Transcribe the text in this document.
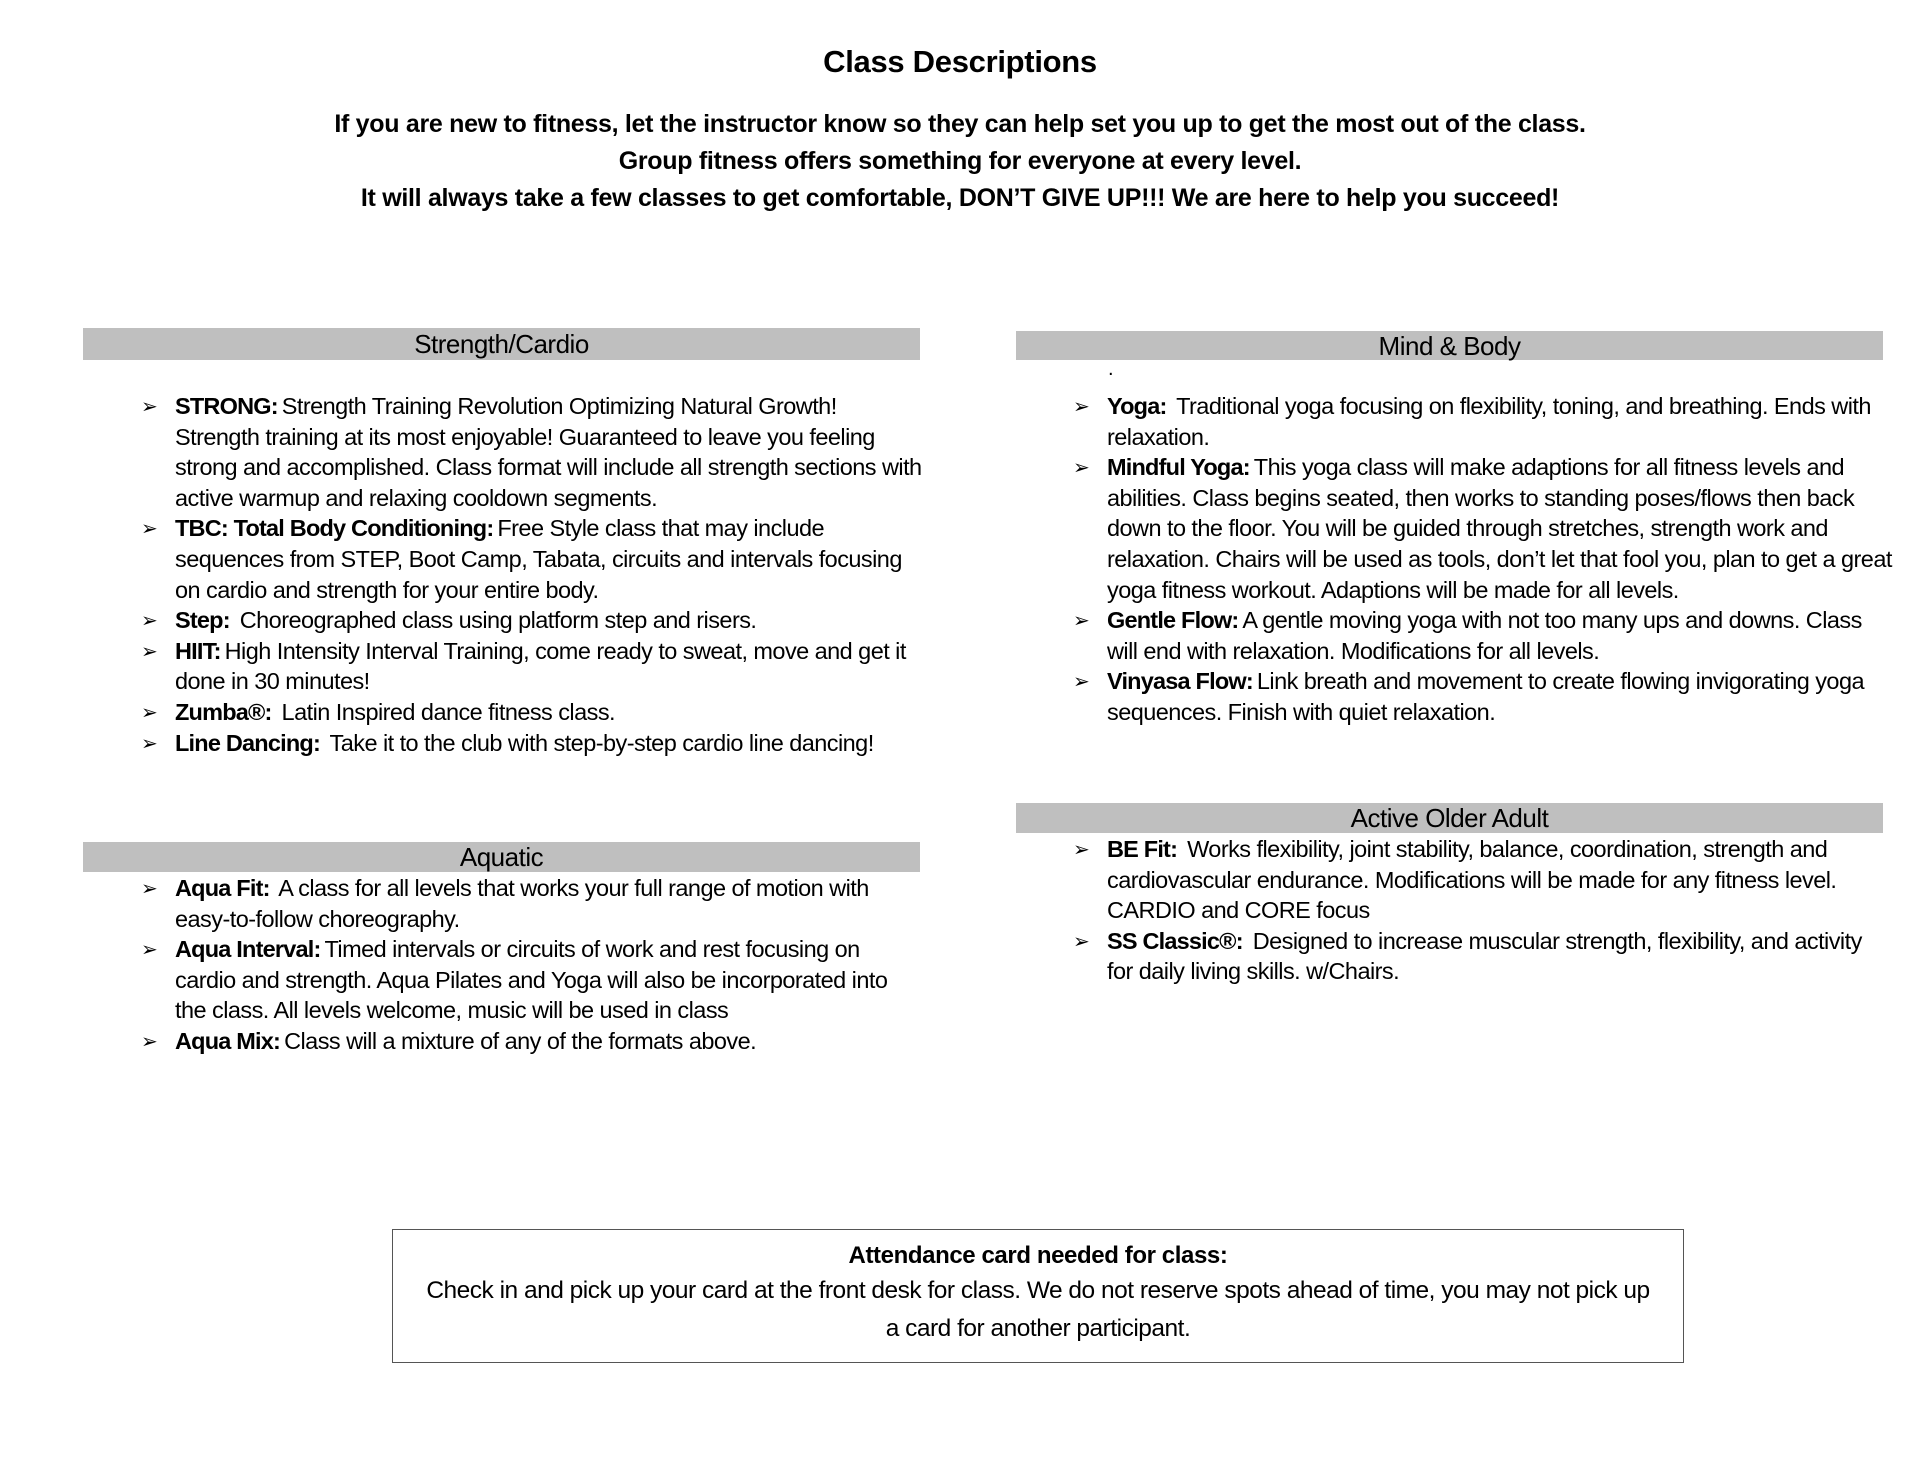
Class Descriptions
If you are new to fitness, let the instructor know so they can help set you up to get the most out of the class.
Group fitness offers something for everyone at every level.
It will always take a few classes to get comfortable, DON’T GIVE UP!!! We are here to help you succeed!
Strength/Cardio
➢ STRONG: Strength Training Revolution Optimizing Natural Growth! Strength training at its most enjoyable! Guaranteed to leave you feeling strong and accomplished. Class format will include all strength sections with active warmup and relaxing cooldown segments.
➢ TBC: Total Body Conditioning: Free Style class that may include sequences from STEP, Boot Camp, Tabata, circuits and intervals focusing on cardio and strength for your entire body.
➢ Step: Choreographed class using platform step and risers.
➢ HIIT: High Intensity Interval Training, come ready to sweat, move and get it done in 30 minutes!
➢ Zumba®: Latin Inspired dance fitness class.
➢ Line Dancing: Take it to the club with step-by-step cardio line dancing!
Aquatic
➢ Aqua Fit: A class for all levels that works your full range of motion with easy-to-follow choreography.
➢ Aqua Interval: Timed intervals or circuits of work and rest focusing on cardio and strength. Aqua Pilates and Yoga will also be incorporated into the class. All levels welcome, music will be used in class
➢ Aqua Mix: Class will a mixture of any of the formats above.
Mind & Body
.
➢ Yoga: Traditional yoga focusing on flexibility, toning, and breathing. Ends with relaxation.
➢ Mindful Yoga: This yoga class will make adaptions for all fitness levels and abilities. Class begins seated, then works to standing poses/flows then back down to the floor. You will be guided through stretches, strength work and relaxation. Chairs will be used as tools, don’t let that fool you, plan to get a great yoga fitness workout. Adaptions will be made for all levels.
➢ Gentle Flow: A gentle moving yoga with not too many ups and downs. Class will end with relaxation. Modifications for all levels.
➢ Vinyasa Flow: Link breath and movement to create flowing invigorating yoga sequences. Finish with quiet relaxation.
Active Older Adult
➢ BE Fit: Works flexibility, joint stability, balance, coordination, strength and cardiovascular endurance. Modifications will be made for any fitness level. CARDIO and CORE focus
➢ SS Classic®: Designed to increase muscular strength, flexibility, and activity for daily living skills. w/Chairs.
Attendance card needed for class:
Check in and pick up your card at the front desk for class. We do not reserve spots ahead of time, you may not pick up a card for another participant.
